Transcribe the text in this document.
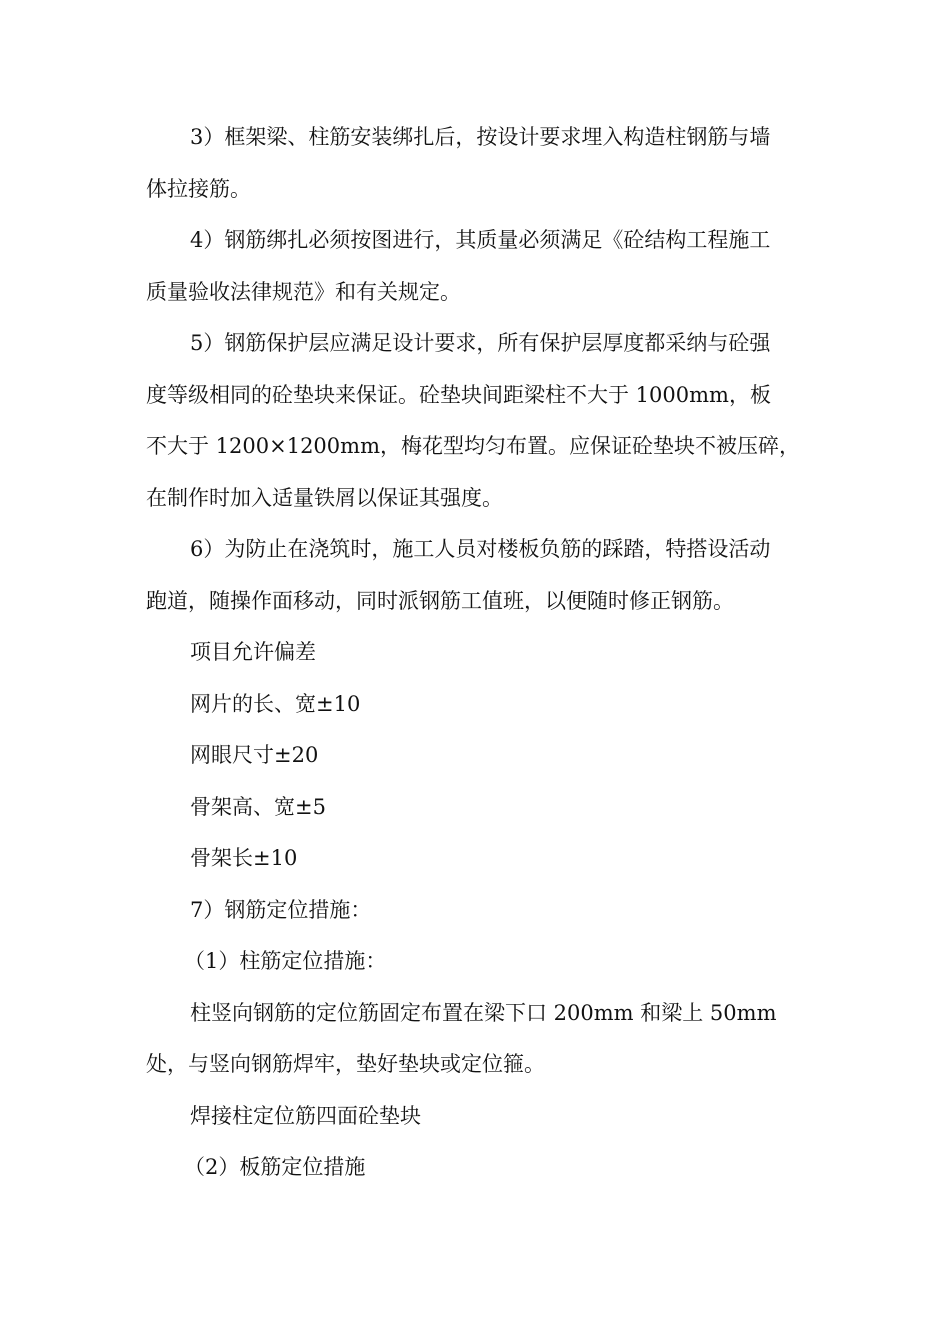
3）框架梁、柱筋安装绑扎后，按设计要求埋入构造柱钢筋与墙
体拉接筋。

4）钢筋绑扎必须按图进行，其质量必须满足《砼结构工程施工
质量验收法律规范》和有关规定。

5）钢筋保护层应满足设计要求，所有保护层厚度都采纳与砼强
度等级相同的砼垫块来保证。砼垫块间距梁柱不大于 1000mm，板
不大于 1200×1200mm，梅花型均匀布置。应保证砼垫块不被压碎，
在制作时加入适量铁屑以保证其强度。

6）为防止在浇筑时，施工人员对楼板负筋的踩踏，特搭设活动
跑道，随操作面移动，同时派钢筋工值班，以便随时修正钢筋。

项目允许偏差

网片的长、宽±10

网眼尺寸±20

骨架高、宽±5

骨架长±10

7）钢筋定位措施：

（1）柱筋定位措施：

柱竖向钢筋的定位筋固定布置在梁下口 200mm 和梁上 50mm
处，与竖向钢筋焊牢，垫好垫块或定位箍。

焊接柱定位筋四面砼垫块

（2）板筋定位措施
